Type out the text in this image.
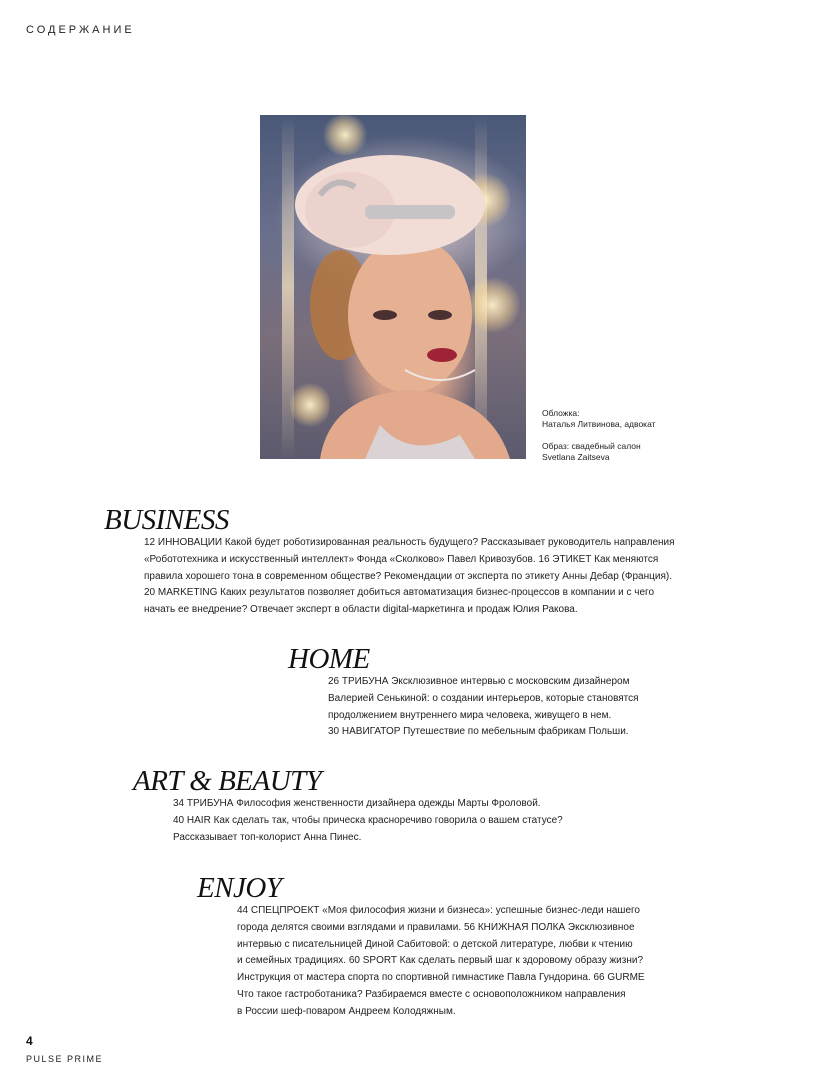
СОДЕРЖАНИЕ

Обложка:
Наталья Литвинова, адвокат

Образ: свадебный салон
Svetlana Zaitseva

BUSINESS
12 ИННОВАЦИИ Какой будет роботизированная реальность будущего? Рассказывает руководитель направления
«Робототехника и искусственный интеллект» Фонда «Сколково» Павел Кривозубов. 16 ЭТИКЕТ Как меняются
правила хорошего тона в современном обществе? Рекомендации от эксперта по этикету Анны Дебар (Франция).
20 MARKETING Каких результатов позволяет добиться автоматизация бизнес-процессов в компании и с чего
начать ее внедрение? Отвечает эксперт в области digital-маркетинга и продаж Юлия Ракова.
HOME
26 ТРИБУНА Эксклюзивное интервью с московским дизайнером
Валерией Сенькиной: о создании интерьеров, которые становятся
продолжением внутреннего мира человека, живущего в нем.
30 НАВИГАТОР Путешествие по мебельным фабрикам Польши.
ART & BEAUTY
34 ТРИБУНА Философия женственности дизайнера одежды Марты Фроловой.
40 HAIR Как сделать так, чтобы прическа красноречиво говорила о вашем статусе?
Рассказывает топ-колорист Анна Пинес.
ENJOY
44 СПЕЦПРОЕКТ «Моя философия жизни и бизнеса»: успешные бизнес-леди нашего
города делятся своими взглядами и правилами. 56 КНИЖНАЯ ПОЛКА Эксклюзивное
интервью с писательницей Диной Сабитовой: о детской литературе, любви к чтению
и семейных традициях. 60 SPORT Как сделать первый шаг к здоровому образу жизни?
Инструкция от мастера спорта по спортивной гимнастике Павла Гундорина. 66 GURME
Что такое гастроботаника? Разбираемся вместе с основоположником направления
в России шеф-поваром Андреем Колодяжным.
4
PULSE PRIME
